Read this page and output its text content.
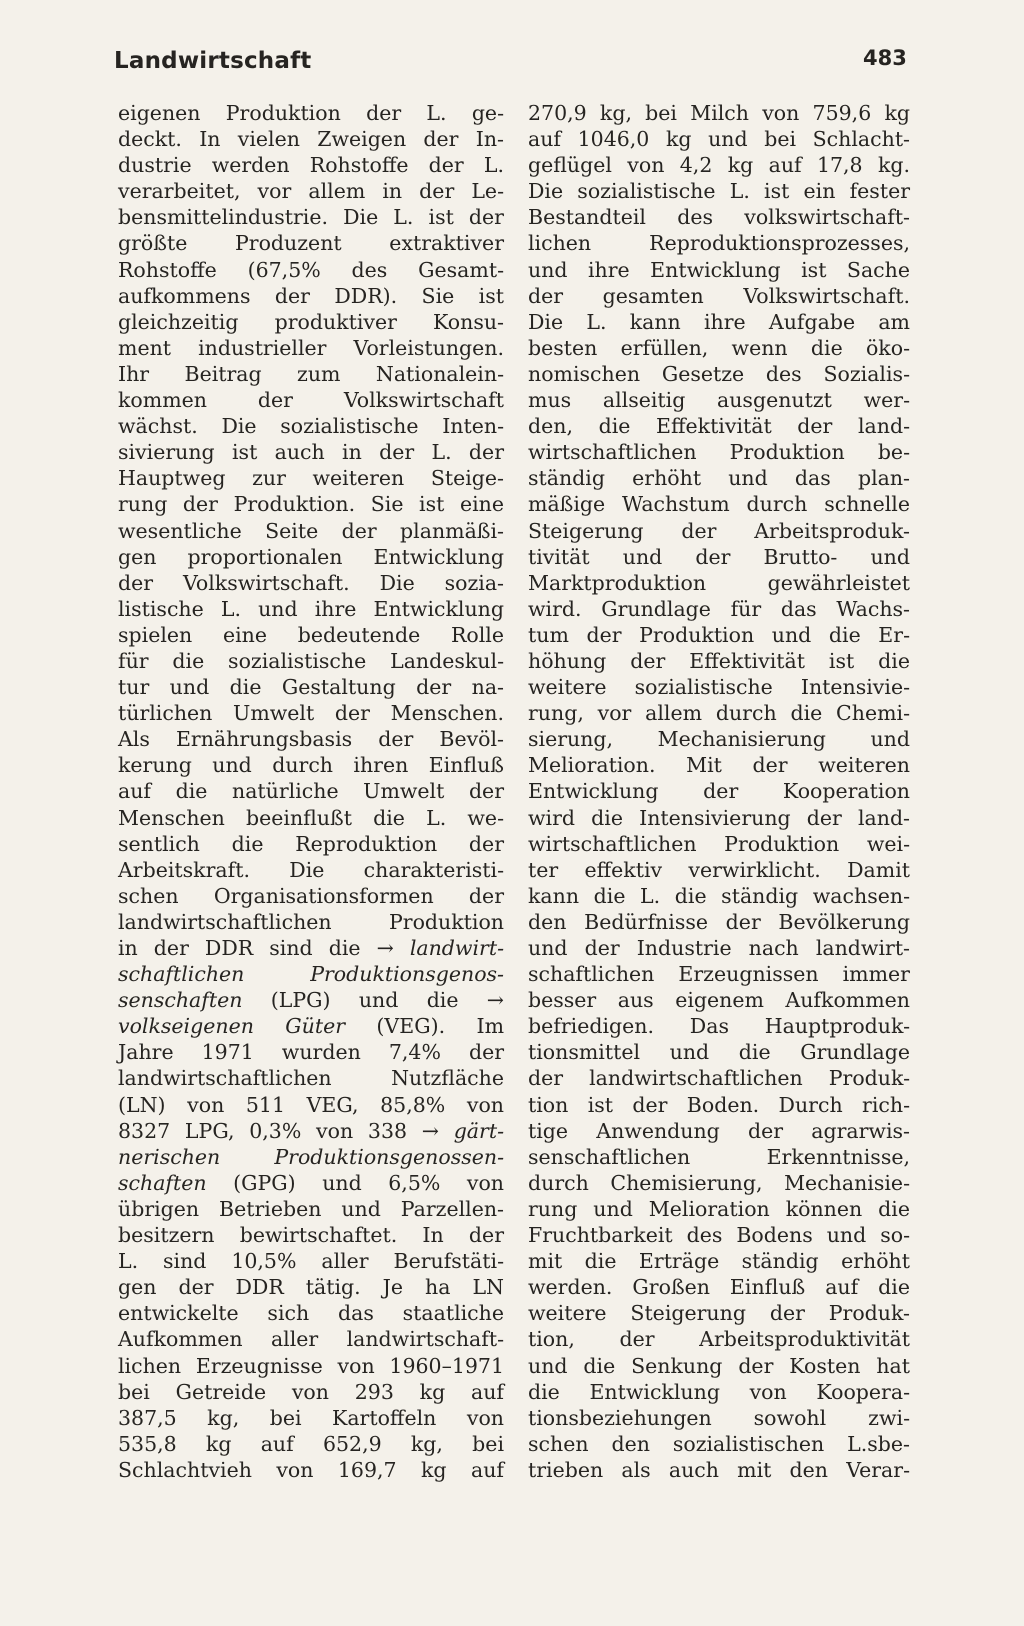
Landwirtschaft	483
eigenen Produktion der L. ge-
deckt. In vielen Zweigen der In-
dustrie werden Rohstoffe der L.
verarbeitet, vor allem in der Le-
bensmittelindustrie. Die L. ist der
größte Produzent extraktiver
Rohstoffe (67,5% des Gesamt-
aufkommens der DDR). Sie ist
gleichzeitig produktiver Konsu-
ment industrieller Vorleistungen.
Ihr Beitrag zum Nationalein-
kommen der Volkswirtschaft
wächst. Die sozialistische Inten-
sivierung ist auch in der L. der
Hauptweg zur weiteren Steige-
rung der Produktion. Sie ist eine
wesentliche Seite der planmäßi-
gen proportionalen Entwicklung
der Volkswirtschaft. Die sozia-
listische L. und ihre Entwicklung
spielen eine bedeutende Rolle
für die sozialistische Landeskul-
tur und die Gestaltung der na-
türlichen Umwelt der Menschen.
Als Ernährungsbasis der Bevöl-
kerung und durch ihren Einfluß
auf die natürliche Umwelt der
Menschen beeinflußt die L. we-
sentlich die Reproduktion der
Arbeitskraft. Die charakteristi-
schen Organisationsformen der
landwirtschaftlichen Produktion
in der DDR sind die → landwirt-
schaftlichen Produktionsgenos-
senschaften (LPG) und die →
volkseigenen Güter (VEG). Im
Jahre 1971 wurden 7,4% der
landwirtschaftlichen Nutzfläche
(LN) von 511 VEG, 85,8% von
8327 LPG, 0,3% von 338 → gärt-
nerischen Produktionsgenossen-
schaften (GPG) und 6,5% von
übrigen Betrieben und Parzellen-
besitzern bewirtschaftet. In der
L. sind 10,5% aller Berufstäti-
gen der DDR tätig. Je ha LN
entwickelte sich das staatliche
Aufkommen aller landwirtschaft-
lichen Erzeugnisse von 1960–1971
bei Getreide von 293 kg auf
387,5 kg, bei Kartoffeln von
535,8 kg auf 652,9 kg, bei
Schlachtvieh von 169,7 kg auf
270,9 kg, bei Milch von 759,6 kg
auf 1046,0 kg und bei Schlacht-
geflügel von 4,2 kg auf 17,8 kg.
Die sozialistische L. ist ein fester
Bestandteil des volkswirtschaft-
lichen Reproduktionsprozesses,
und ihre Entwicklung ist Sache
der gesamten Volkswirtschaft.
Die L. kann ihre Aufgabe am
besten erfüllen, wenn die öko-
nomischen Gesetze des Sozialis-
mus allseitig ausgenutzt wer-
den, die Effektivität der land-
wirtschaftlichen Produktion be-
ständig erhöht und das plan-
mäßige Wachstum durch schnelle
Steigerung der Arbeitsproduk-
tivität und der Brutto- und
Marktproduktion gewährleistet
wird. Grundlage für das Wachs-
tum der Produktion und die Er-
höhung der Effektivität ist die
weitere sozialistische Intensivie-
rung, vor allem durch die Chemi-
sierung, Mechanisierung und
Melioration. Mit der weiteren
Entwicklung der Kooperation
wird die Intensivierung der land-
wirtschaftlichen Produktion wei-
ter effektiv verwirklicht. Damit
kann die L. die ständig wachsen-
den Bedürfnisse der Bevölkerung
und der Industrie nach landwirt-
schaftlichen Erzeugnissen immer
besser aus eigenem Aufkommen
befriedigen. Das Hauptproduk-
tionsmittel und die Grundlage
der landwirtschaftlichen Produk-
tion ist der Boden. Durch rich-
tige Anwendung der agrarwis-
senschaftlichen Erkenntnisse,
durch Chemisierung, Mechanisie-
rung und Melioration können die
Fruchtbarkeit des Bodens und so-
mit die Erträge ständig erhöht
werden. Großen Einfluß auf die
weitere Steigerung der Produk-
tion, der Arbeitsproduktivität
und die Senkung der Kosten hat
die Entwicklung von Koopera-
tionsbeziehungen sowohl zwi-
schen den sozialistischen L.sbe-
trieben als auch mit den Verar-
